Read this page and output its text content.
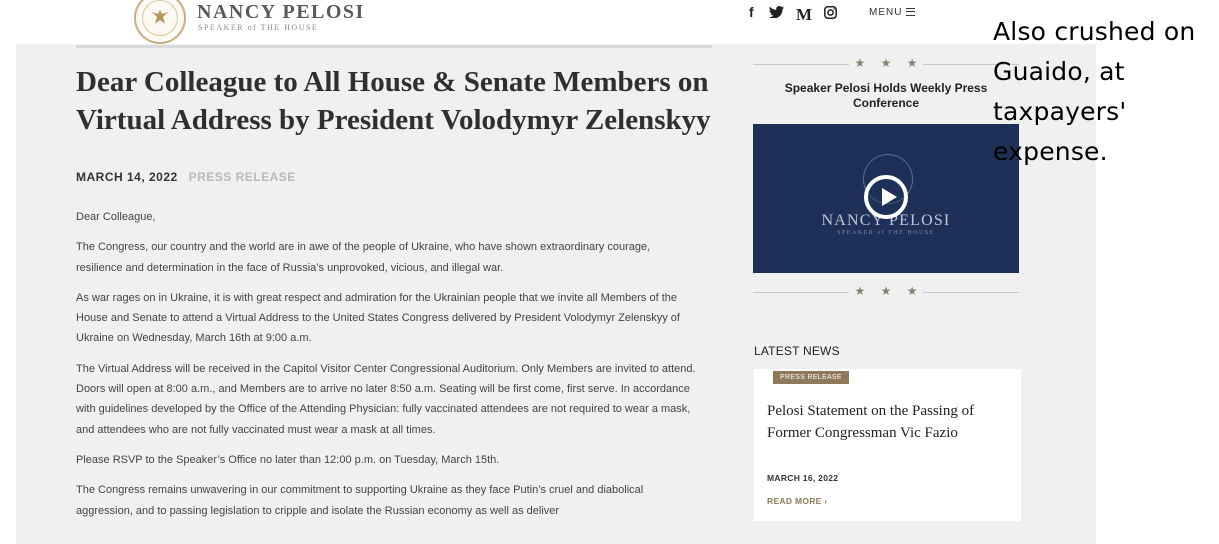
NANCY PELOSI
SPEAKER of THE HOUSE
f M	MENU
Dear Colleague to All House & Senate Members on Virtual Address by President Volodymyr Zelenskyy
MARCH 14, 2022 PRESS RELEASE

Dear Colleague,

The Congress, our country and the world are in awe of the people of Ukraine, who have shown extraordinary courage, resilience and determination in the face of Russia’s unprovoked, vicious, and illegal war.

As war rages on in Ukraine, it is with great respect and admiration for the Ukrainian people that we invite all Members of the House and Senate to attend a Virtual Address to the United States Congress delivered by President Volodymyr Zelenskyy of Ukraine on Wednesday, March 16th at 9:00 a.m.

The Virtual Address will be received in the Capitol Visitor Center Congressional Auditorium. Only Members are invited to attend. Doors will open at 8:00 a.m., and Members are to arrive no later 8:50 a.m. Seating will be first come, first serve. In accordance with guidelines developed by the Office of the Attending Physician: fully vaccinated attendees are not required to wear a mask, and attendees who are not fully vaccinated must wear a mask at all times.

Please RSVP to the Speaker’s Office no later than 12:00 p.m. on Tuesday, March 15th.

The Congress remains unwavering in our commitment to supporting Ukraine as they face Putin’s cruel and diabolical aggression, and to passing legislation to cripple and isolate the Russian economy as well as deliver

★ ★ ★
Speaker Pelosi Holds Weekly Press Conference
NANCY PELOSI
SPEAKER of THE HOUSE
★ ★ ★
LATEST NEWS
PRESS RELEASE
Pelosi Statement on the Passing of Former Congressman Vic Fazio
MARCH 16, 2022
READ MORE ›
Also crushed on
Guaido, at
taxpayers'
expense.
